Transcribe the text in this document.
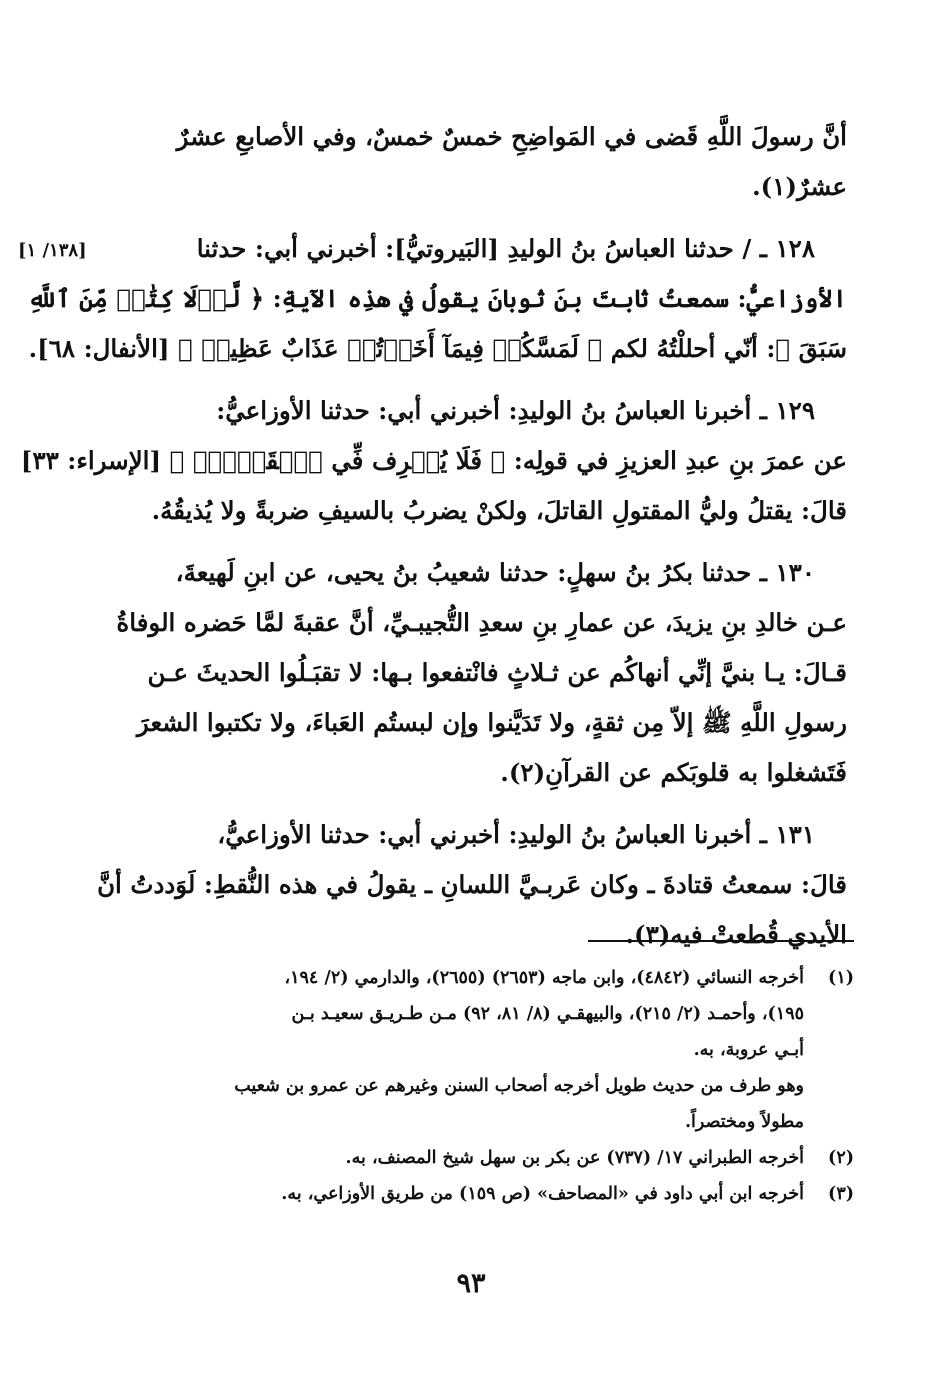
[١٣٨/ ١]
أنَّ رسولَ اللَّهِ قَضى في المَواضِحِ خمسٌ خمسٌ، وفي الأصابعِ عشرٌ
عشرٌ(١).
١٢٨ ـ / حدثنا العباسُ بنُ الوليدِ [البَيروتيُّ]: أخبرني أبي: حدثنا
الأوزاعيُّ: سمعتُ ثابتَ بنَ ثوبانَ يقولُ في هذِه الآيةِ: ﴿ لَّوۡلَا كِتَٰبٞ مِّنَ ٱللَّهِ
سَبَقَ ﴾: أنّي أحللْتُهُ لكم ﴿ لَمَسَّكُمۡ فِيمَآ أَخَذۡتُمۡ عَذَابٌ عَظِيمٞ ﴾ [الأنفال: ٦٨].
١٢٩ ـ أخبرنا العباسُ بنُ الوليدِ: أخبرني أبي: حدثنا الأوزاعيُّ:
عن عمرَ بنِ عبدِ العزيزِ في قولِه: ﴿ فَلَا يُسۡرِف فِّي ٱلۡقَتۡلِۖ ﴾ [الإسراء: ٣٣]
قالَ: يقتلُ وليُّ المقتولِ القاتلَ، ولكنْ يضربُ بالسيفِ ضربةً ولا يُذيقُهُ.
١٣٠ ـ حدثنا بكرُ بنُ سهلٍ: حدثنا شعيبُ بنُ يحيى، عن ابنِ لَهيعةَ،
عـن خالدِ بنِ يزيدَ، عن عمارِ بنِ سعدِ التُّجيبـيِّ، أنَّ عقبةَ لمَّا حَضره الوفاةُ
قـالَ: يـا بنيَّ إنِّي أنهاكُم عن ثـلاثٍ فانْتفعوا بـها: لا تقبَـلُوا الحديثَ عـن
رسولِ اللَّهِ ﷺ إلاّ مِن ثقةٍ، ولا تَدَيَّنوا وإن لبستُم العَباءَ، ولا تكتبوا الشعرَ
فَتَشغلوا به قلوبَكم عن القرآنِ(٢).
١٣١ ـ أخبرنا العباسُ بنُ الوليدِ: أخبرني أبي: حدثنا الأوزاعيُّ،
قالَ: سمعتُ قتادةَ ـ وكان عَربـيَّ اللسانِ ـ يقولُ في هذه النُّقطِ: لَوَددتُ أنَّ
الأيدي قُطعتْ فيه(٣).
(١)
أخرجه النسائي (٤٨٤٢)، وابن ماجه (٢٦٥٣) (٢٦٥٥)، والدارمي (٢/ ١٩٤،
١٩٥)، وأحمـد (٢/ ٢١٥)، والبيهقـي (٨/ ٨١، ٩٢) مـن طـريـق سعيـد بـن
أبـي عروبة، به.
وهو طرف من حديث طويل أخرجه أصحاب السنن وغيرهم عن عمرو بن شعيب
مطولاً ومختصراً.
(٢)
أخرجه الطبراني ١٧/ (٧٣٧) عن بكر بن سهل شيخ المصنف، به.
(٣)
أخرجه ابن أبي داود في «المصاحف» (ص ١٥٩) من طريق الأوزاعي، به.
٩٣
